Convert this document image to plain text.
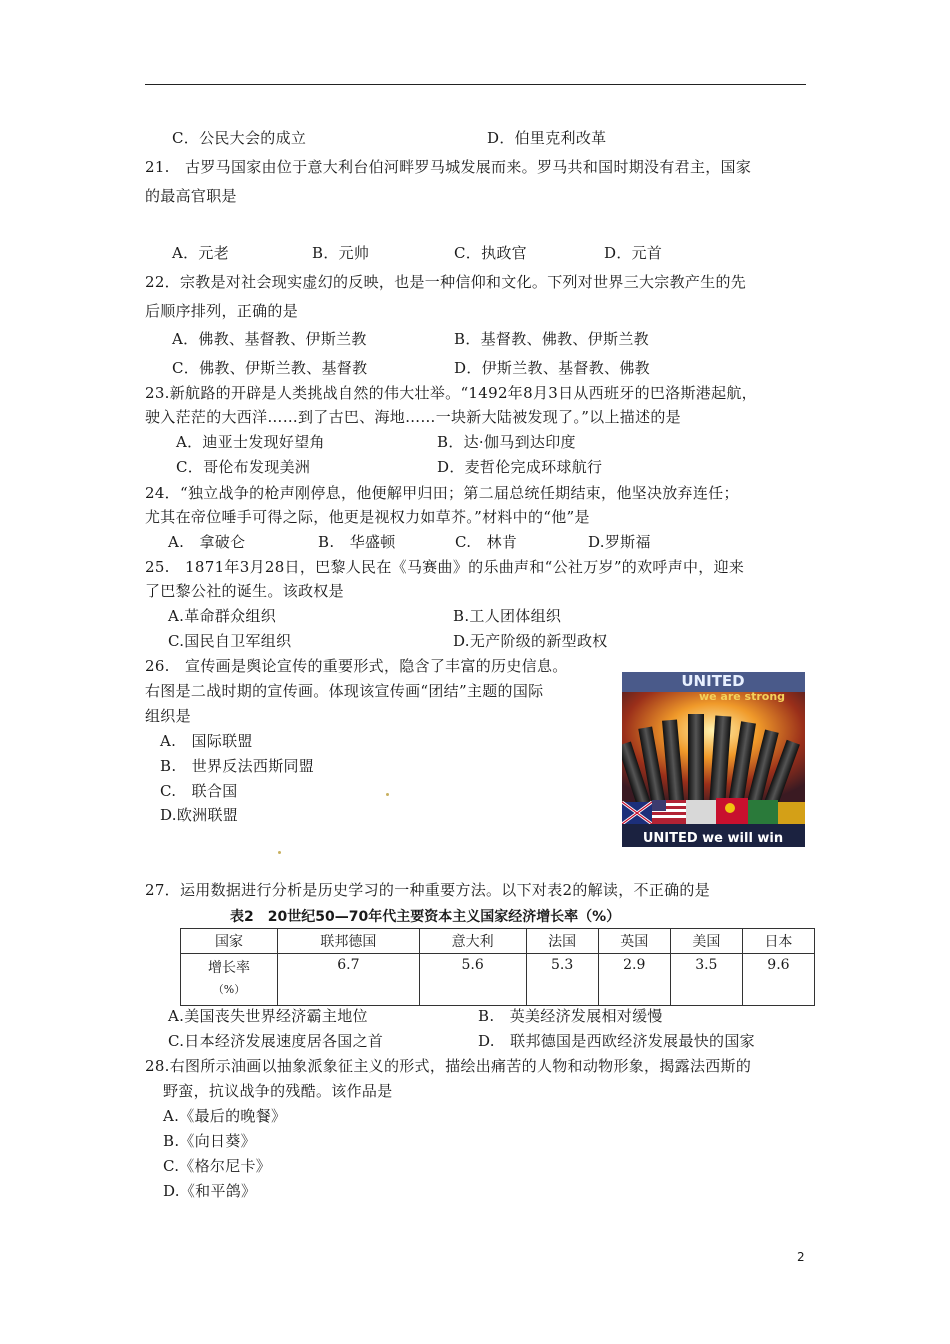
C．公民大会的成立	D．伯里克利改革
21.　古罗马国家由位于意大利台伯河畔罗马城发展而来。罗马共和国时期没有君主，国家
的最高官职是
A．元老	B．元帅	C．执政官	D．元首
22．宗教是对社会现实虚幻的反映，也是一种信仰和文化。下列对世界三大宗教产生的先
后顺序排列，正确的是
A．佛教、基督教、伊斯兰教	B．基督教、佛教、伊斯兰教
C．佛教、伊斯兰教、基督教	D．伊斯兰教、基督教、佛教
23.新航路的开辟是人类挑战自然的伟大壮举。“1492年8月3日从西班牙的巴洛斯港起航，
驶入茫茫的大西洋……到了古巴、海地……一块新大陆被发现了。”以上描述的是
A．迪亚士发现好望角	B．达·伽马到达印度
C．哥伦布发现美洲	D．麦哲伦完成环球航行
24．“独立战争的枪声刚停息，他便解甲归田；第二届总统任期结束，他坚决放弃连任；
尤其在帝位唾手可得之际，他更是视权力如草芥。”材料中的“他”是
A.　拿破仑	B.　华盛顿	C.　林肯	D.罗斯福
25.　1871年3月28日，巴黎人民在《马赛曲》的乐曲声和“公社万岁”的欢呼声中，迎来
了巴黎公社的诞生。该政权是
A.革命群众组织	B.工人团体组织
C.国民自卫军组织	D.无产阶级的新型政权
26.　宣传画是舆论宣传的重要形式，隐含了丰富的历史信息。
右图是二战时期的宣传画。体现该宣传画“团结”主题的国际
组织是
A.　国际联盟
B.　世界反法西斯同盟
C.　联合国
D.欧洲联盟
UNITED
we are strong
UNITED we will win
27．运用数据进行分析是历史学习的一种重要方法。以下对表2的解读，不正确的是
表2　20世纪50—70年代主要资本主义国家经济增长率（%）
国家	联邦德国	意大利	法国	英国	美国	日本
增长率
（%）	6.7	5.6	5.3	2.9	3.5	9.6
A.美国丧失世界经济霸主地位	B.　英美经济发展相对缓慢
C.日本经济发展速度居各国之首	D.　联邦德国是西欧经济发展最快的国家
28.右图所示油画以抽象派象征主义的形式，描绘出痛苦的人物和动物形象，揭露法西斯的
野蛮，抗议战争的残酷。该作品是
A.《最后的晚餐》
B.《向日葵》
C.《格尔尼卡》
D.《和平鸽》
2
